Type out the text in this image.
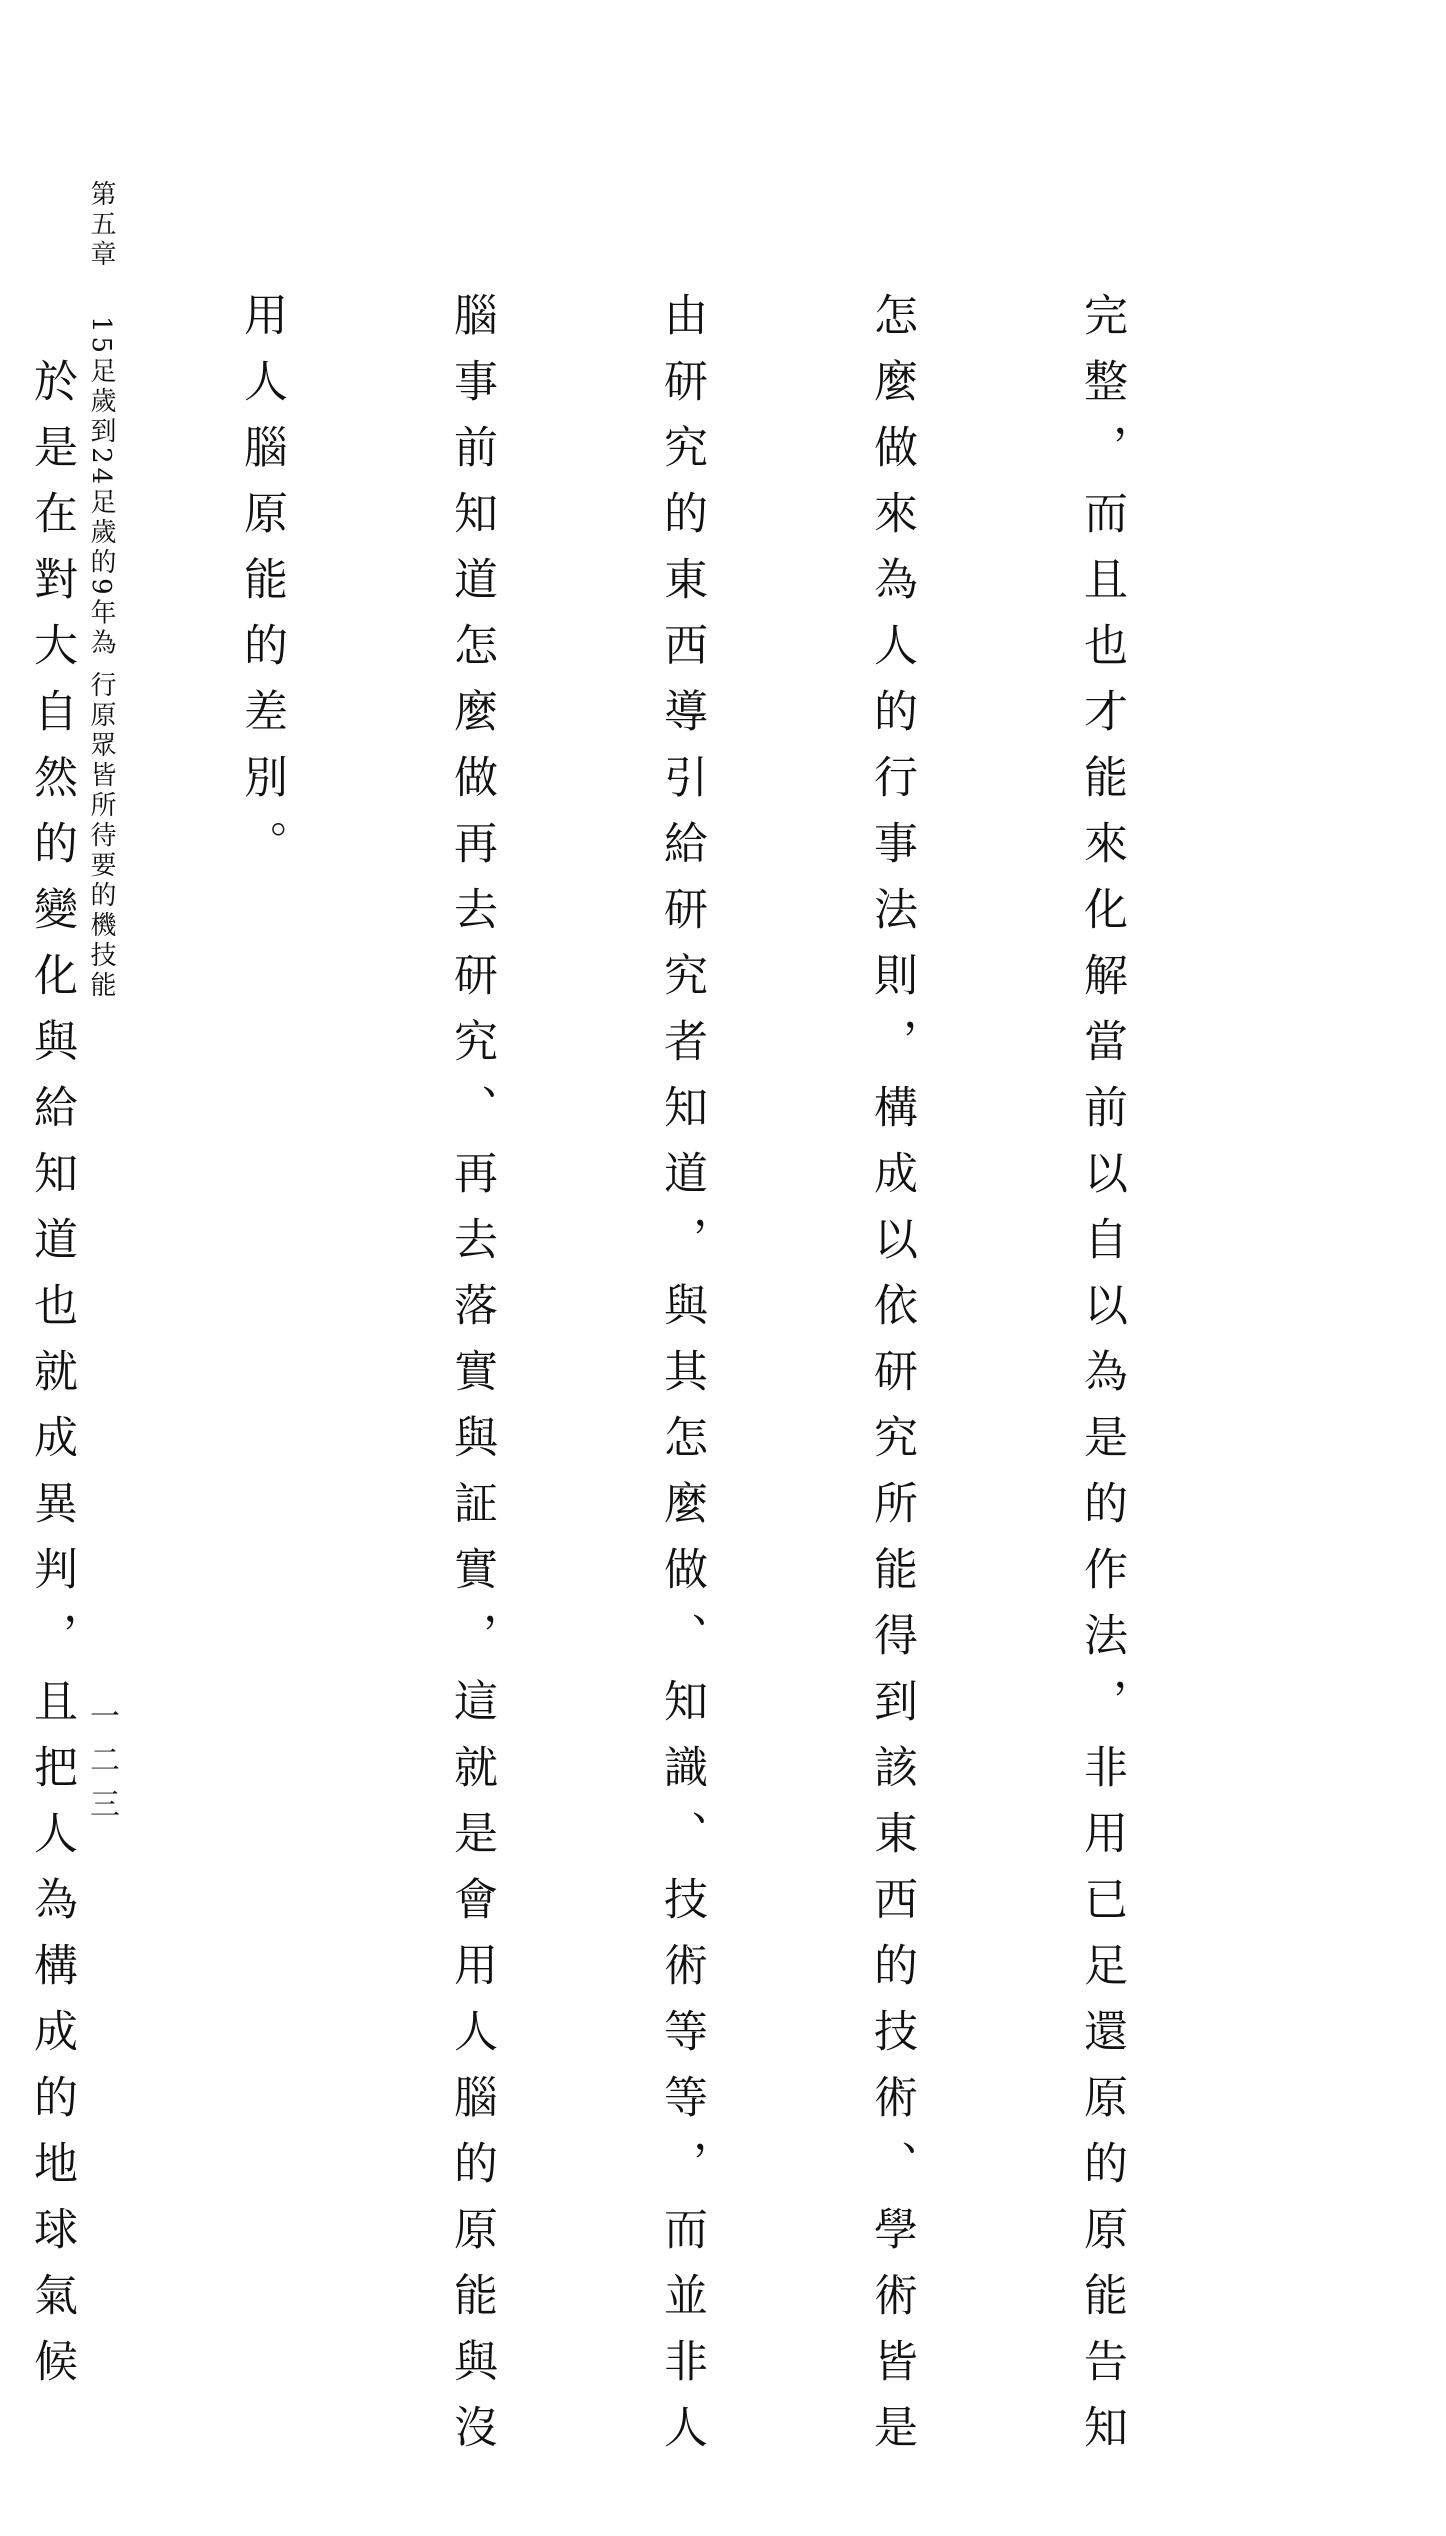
第五章15足歲到24足歲的9年為 行原眾皆所待要的機技能
一二三

	完整，而且也才能來化解當前以自以為是的作法，非用已足還原的原能告知

怎麼做來為人的行事法則，構成以依研究所能得到該東西的技術、學術皆是

由研究的東西導引給研究者知道，與其怎麼做、知識、技術等等，而並非人

腦事前知道怎麼做再去研究、再去落實與証實，這就是會用人腦的原能與沒

用人腦原能的差別。

　於是在對大自然的變化與給知道也就成異判，且把人為構成的地球氣候
